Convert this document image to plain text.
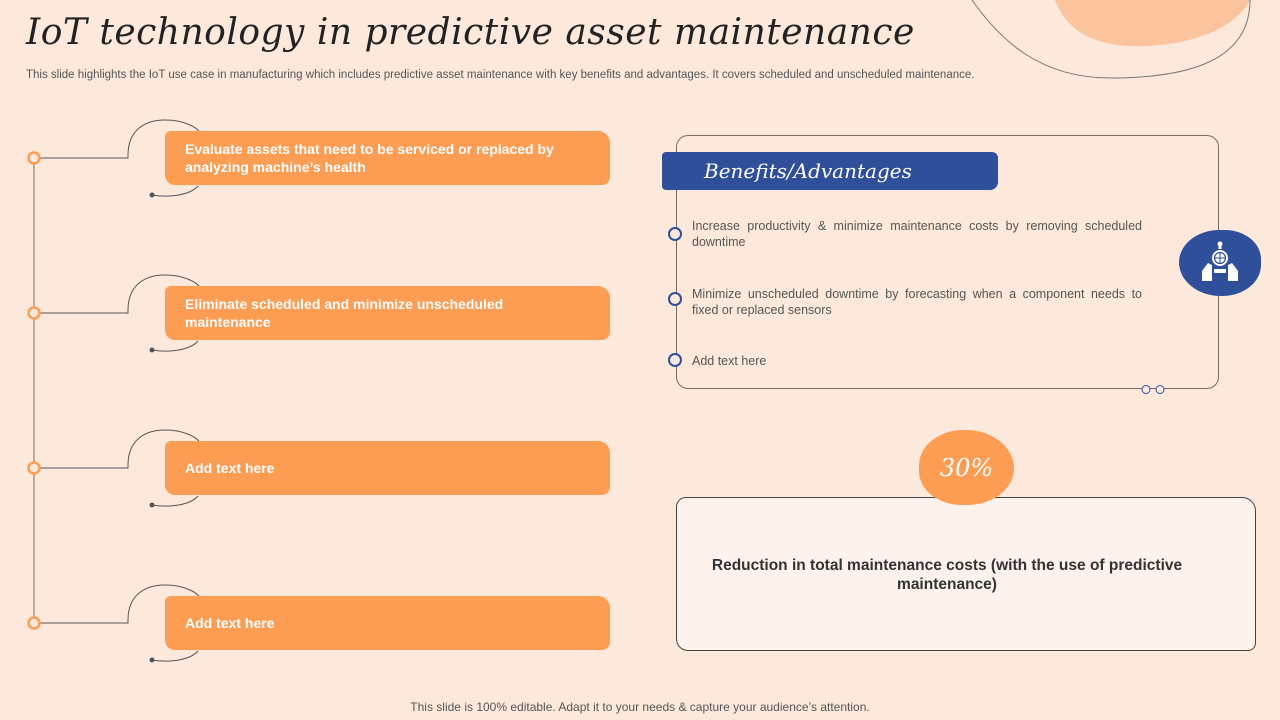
IoT technology in predictive asset maintenance
This slide highlights the IoT use case in manufacturing which includes predictive asset maintenance with key benefits and advantages. It covers scheduled and unscheduled maintenance.
Evaluate assets that need to be serviced or replaced by analyzing machine’s health
Eliminate scheduled and minimize unscheduled maintenance
Add text here
Add text here
Benefits/Advantages
Increase productivity & minimize maintenance costs by removing scheduled downtime
Minimize unscheduled downtime by forecasting when a component needs to fixed or replaced sensors
Add text here
30%
Reduction in total maintenance costs (with the use of predictive maintenance)
This slide is 100% editable. Adapt it to your needs & capture your audience’s attention.
